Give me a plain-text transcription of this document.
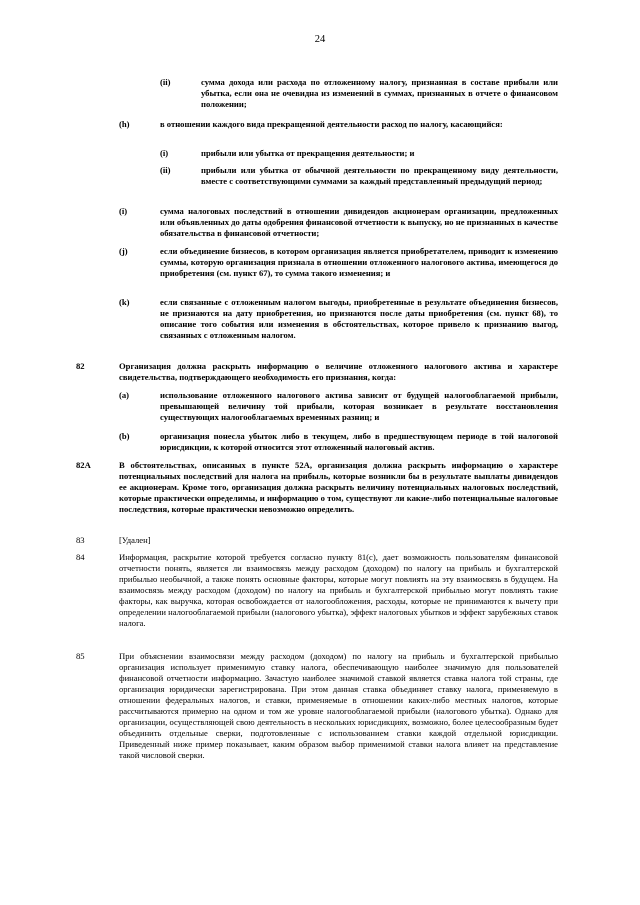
24
(ii)	сумма дохода или расхода по отложенному налогу, признанная в составе прибыли или убытка, если она не очевидна из изменений в суммах, признанных в отчете о финансовом положении;
(h)	в отношении каждого вида прекращенной деятельности расход по налогу, касающийся:
(i)	прибыли или убытка от прекращения деятельности; и
(ii)	прибыли или убытка от обычной деятельности по прекращенному виду деятельности, вместе с соответствующими суммами за каждый представленный предыдущий период;
(i)	сумма налоговых последствий в отношении дивидендов акционерам организации, предложенных или объявленных до даты одобрения финансовой отчетности к выпуску, но не признанных в качестве обязательства в финансовой отчетности;
(j)	если объединение бизнесов, в котором организация является приобретателем, приводит к изменению суммы, которую организация признала в отношении отложенного налогового актива, имеющегося до приобретения (см. пункт 67), то сумма такого изменения; и
(k)	если связанные с отложенным налогом выгоды, приобретенные в результате объединения бизнесов, не признаются на дату приобретения, но признаются после даты приобретения (см. пункт 68), то описание того события или изменения в обстоятельствах, которое привело к признанию выгод, связанных с отложенным налогом.
82	Организация должна раскрыть информацию о величине отложенного налогового актива и характере свидетельства, подтверждающего необходимость его признания, когда:
(a)	использование отложенного налогового актива зависит от будущей налогооблагаемой прибыли, превышающей величину той прибыли, которая возникает в результате восстановления существующих налогооблагаемых временных разниц; и
(b)	организация понесла убыток либо в текущем, либо в предшествующем периоде в той налоговой юрисдикции, к которой относится этот отложенный налоговый актив.
82A	В обстоятельствах, описанных в пункте 52A, организация должна раскрыть информацию о характере потенциальных последствий для налога на прибыль, которые возникли бы в результате выплаты дивидендов ее акционерам. Кроме того, организация должна раскрыть величину потенциальных налоговых последствий, которые практически определимы, и информацию о том, существуют ли какие-либо потенциальные налоговые последствия, которые практически невозможно определить.
83	[Удален]
84	Информация, раскрытие которой требуется согласно пункту 81(c), дает возможность пользователям финансовой отчетности понять, является ли взаимосвязь между расходом (доходом) по налогу на прибыль и бухгалтерской прибылью необычной, а также понять основные факторы, которые могут повлиять на эту взаимосвязь в будущем. На взаимосвязь между расходом (доходом) по налогу на прибыль и бухгалтерской прибылью могут повлиять такие факторы, как выручка, которая освобождается от налогообложения, расходы, которые не принимаются к вычету при определении налогооблагаемой прибыли (налогового убытка), эффект налоговых убытков и эффект зарубежных ставок налога.
85	При объяснении взаимосвязи между расходом (доходом) по налогу на прибыль и бухгалтерской прибылью организация использует применимую ставку налога, обеспечивающую наиболее значимую для пользователей финансовой отчетности информацию. Зачастую наиболее значимой ставкой является ставка налога той страны, где организация юридически зарегистрирована. При этом данная ставка объединяет ставку налога, применяемую в отношении федеральных налогов, и ставки, применяемые в отношении каких-либо местных налогов, которые рассчитываются примерно на одном и том же уровне налогооблагаемой прибыли (налогового убытка). Однако для организации, осуществляющей свою деятельность в нескольких юрисдикциях, возможно, более целесообразным будет объединить отдельные сверки, подготовленные с использованием ставки каждой отдельной юрисдикции. Приведенный ниже пример показывает, каким образом выбор применимой ставки налога влияет на представление такой числовой сверки.
